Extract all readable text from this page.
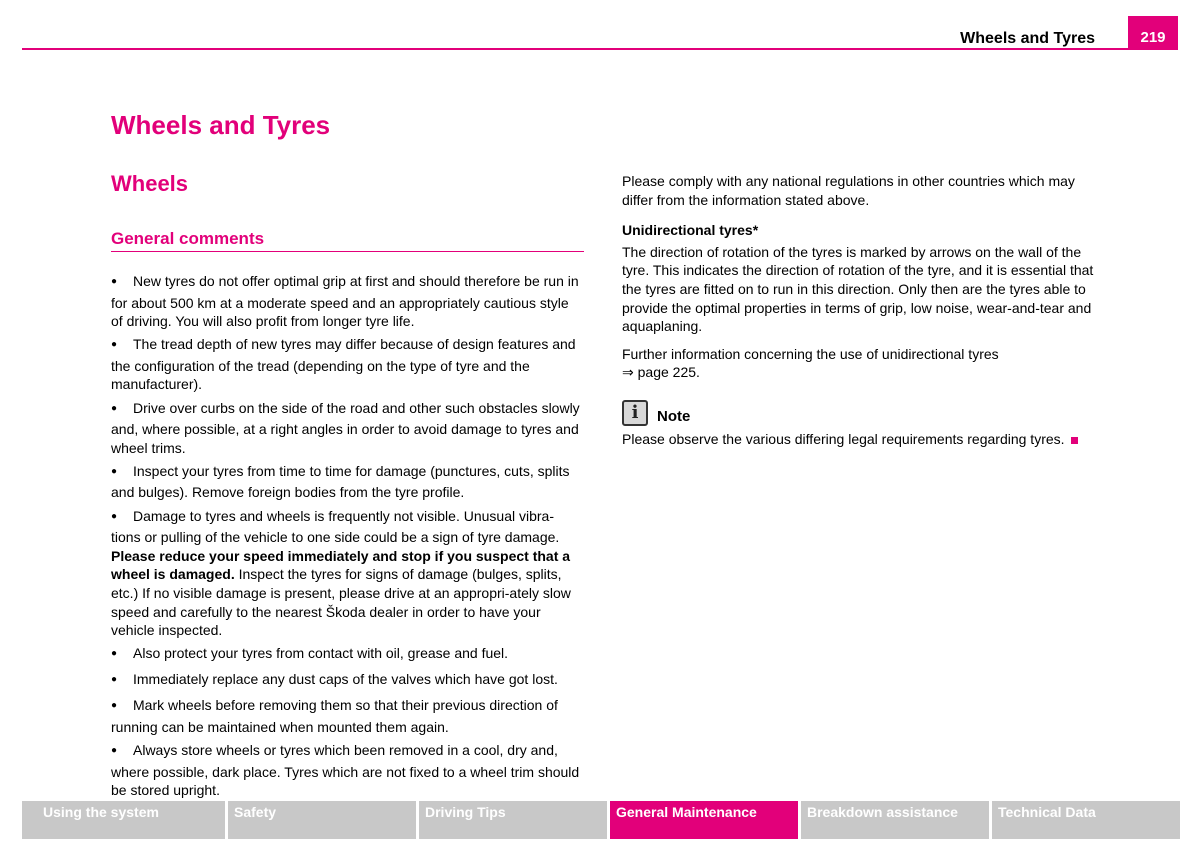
Wheels and Tyres	219
Wheels and Tyres
Wheels
General comments

●New tyres do not offer optimal grip at first and should therefore be run in for about 500 km at a moderate speed and an appropriately cautious style of driving. You will also profit from longer tyre life.

●The tread depth of new tyres may differ because of design features and the configuration of the tread (depending on the type of tyre and the manufacturer).

●Drive over curbs on the side of the road and other such obstacles slowly and, where possible, at a right angles in order to avoid damage to tyres and wheel trims.

●Inspect your tyres from time to time for damage (punctures, cuts, splits and bulges). Remove foreign bodies from the tyre profile.

●Damage to tyres and wheels is frequently not visible. Unusual vibra-tions or pulling of the vehicle to one side could be a sign of tyre damage. Please reduce your speed immediately and stop if you suspect that a wheel is damaged. Inspect the tyres for signs of damage (bulges, splits, etc.) If no visible damage is present, please drive at an appropri-ately slow speed and carefully to the nearest Škoda dealer in order to have your vehicle inspected.

●Also protect your tyres from contact with oil, grease and fuel.

●Immediately replace any dust caps of the valves which have got lost.

●Mark wheels before removing them so that their previous direction of running can be maintained when mounted them again.

●Always store wheels or tyres which been removed in a cool, dry and, where possible, dark place. Tyres which are not fixed to a wheel trim should be stored upright.

Please comply with any national regulations in other countries which may differ from the information stated above.

Unidirectional tyres*

The direction of rotation of the tyres is marked by arrows on the wall of the tyre. This indicates the direction of rotation of the tyre, and it is essential that the tyres are fitted on to run in this direction. Only then are the tyres able to provide the optimal properties in terms of grip, low noise, wear-and-tear and aquaplaning.

Further information concerning the use of unidirectional tyres
⇒ page 225.

i	Note

Please observe the various differing legal requirements regarding tyres.

Using the system	Safety	Driving Tips	General Maintenance	Breakdown assistance	Technical Data
